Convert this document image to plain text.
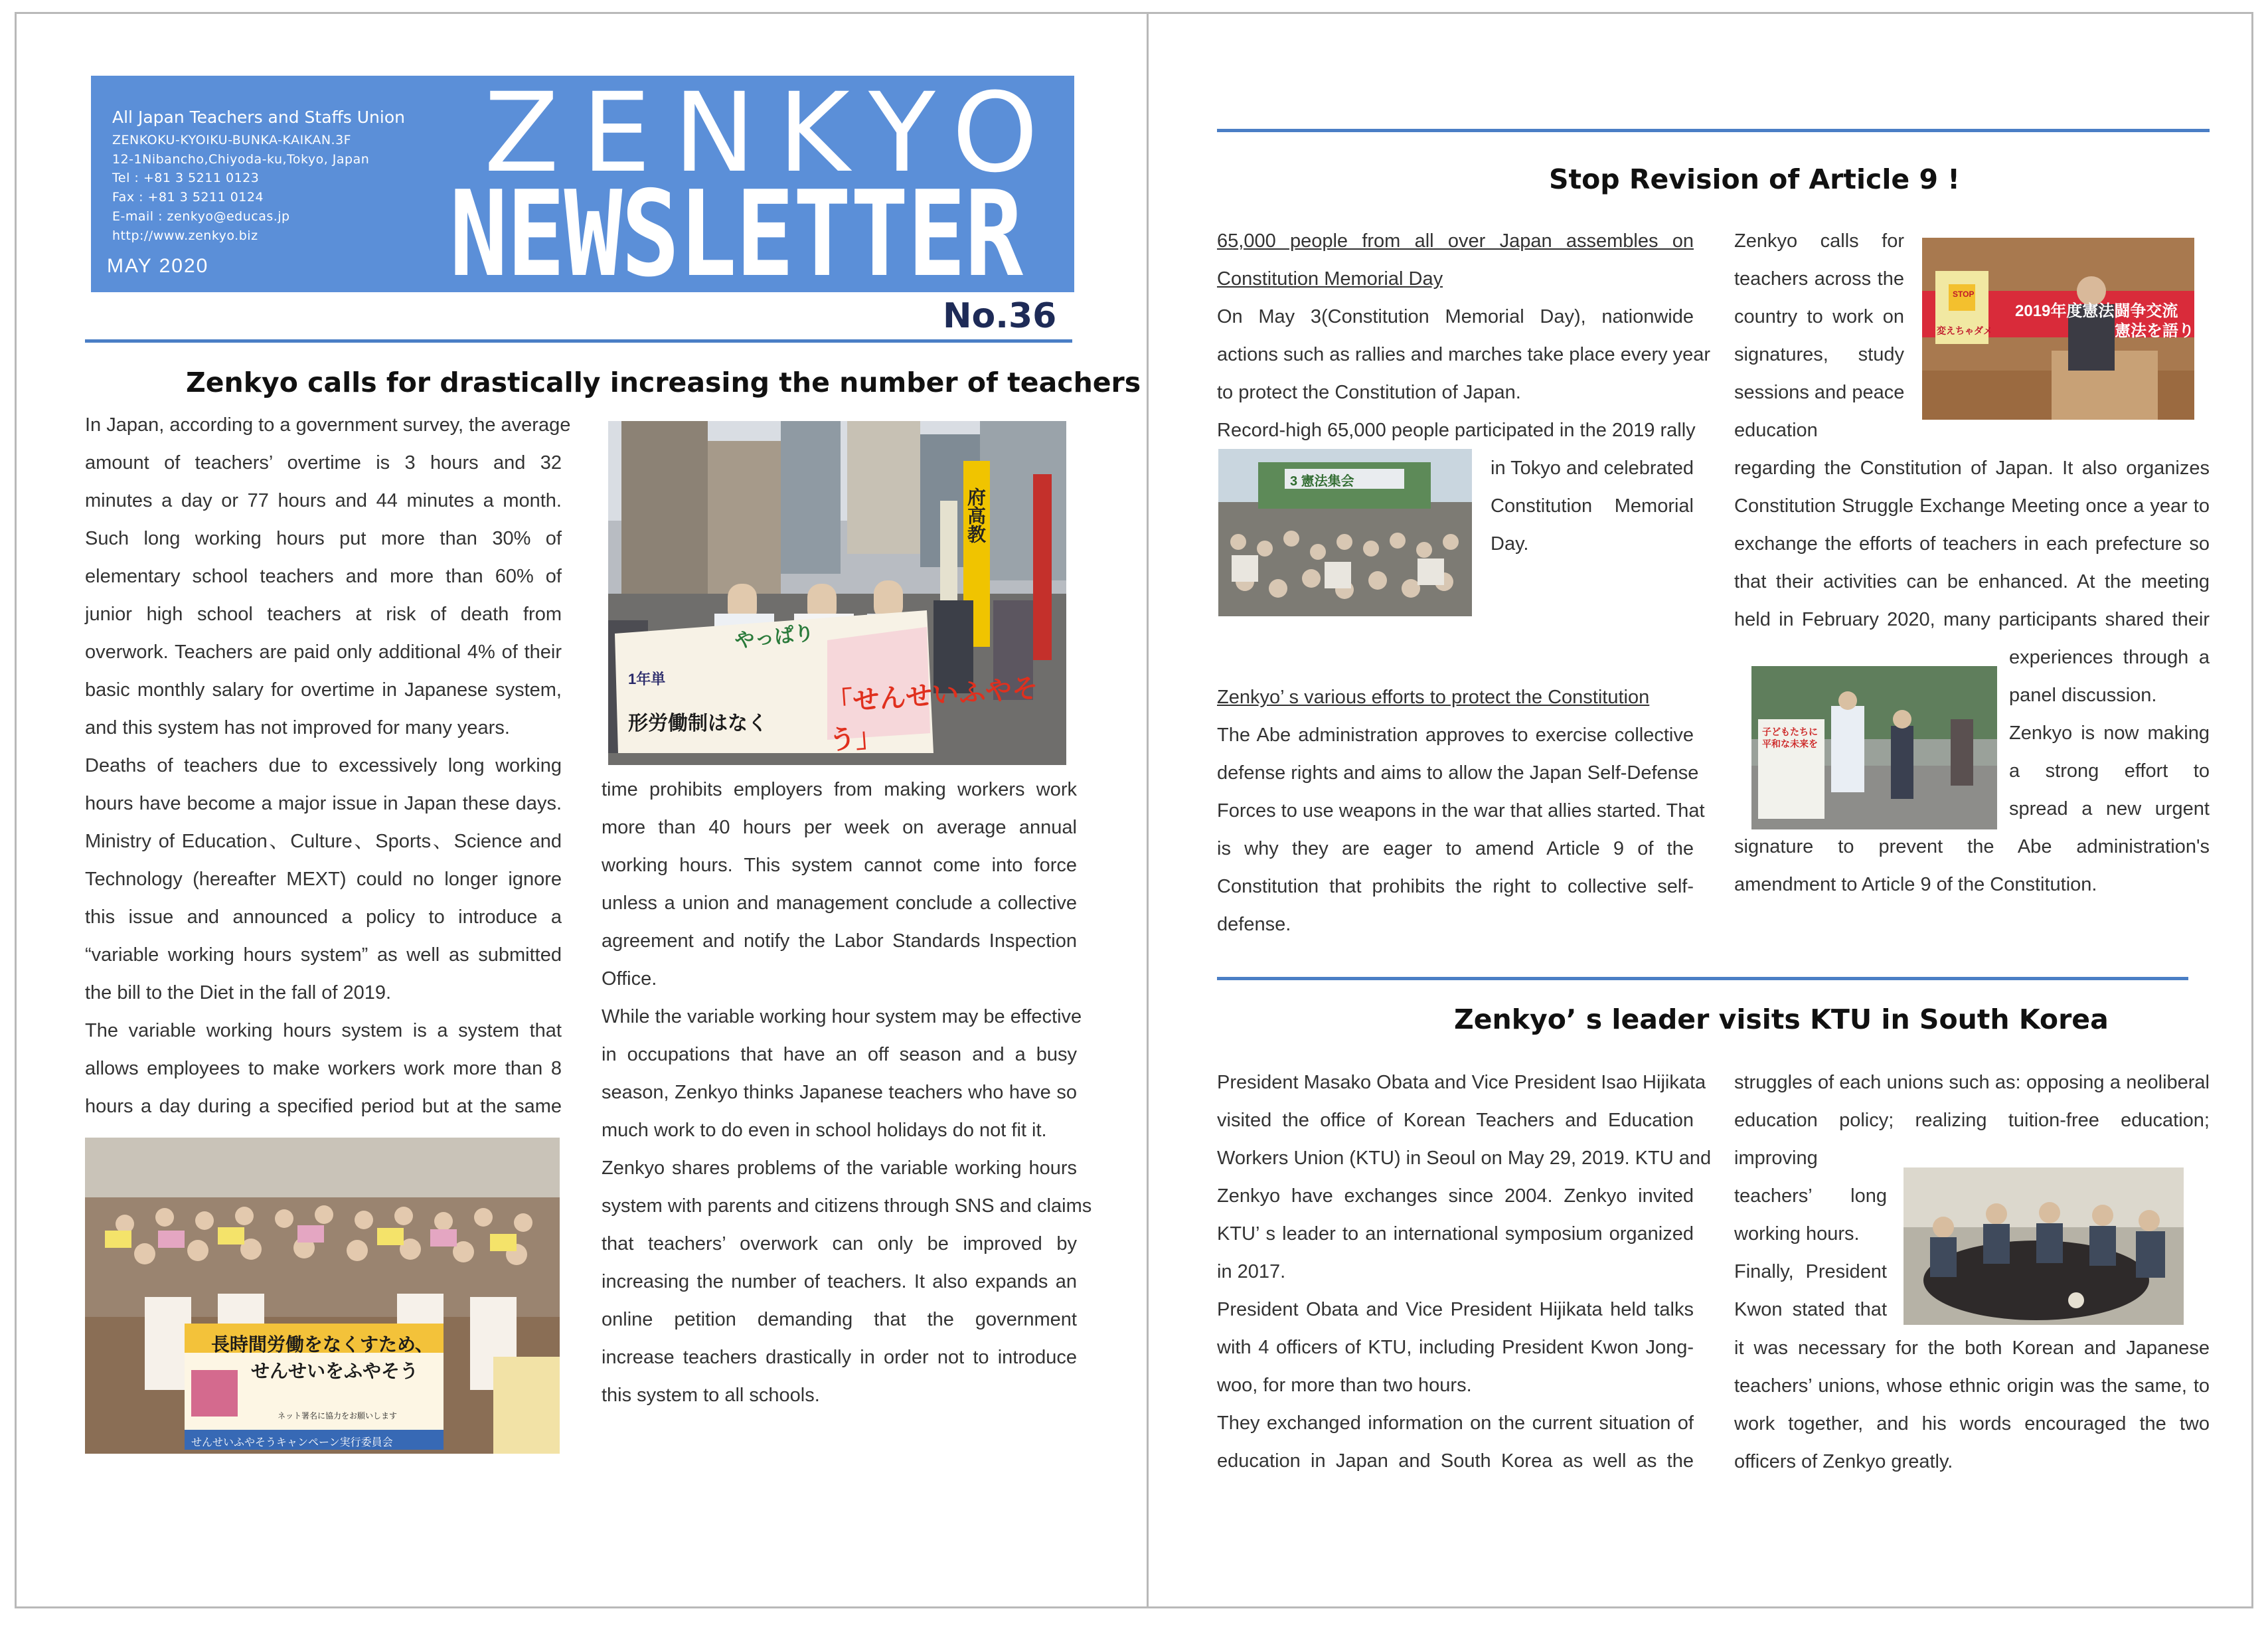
All Japan Teachers and Staffs Union
ZENKOKU-KYOIKU-BUNKA-KAIKAN.3F
12-1Nibancho,Chiyoda-ku,Tokyo, Japan
Tel : +81 3 5211 0123
Fax : +81 3 5211 0124
E-mail : zenkyo@educas.jp
http://www.zenkyo.biz
MAY 2020
ZENKYO
NEWSLETTER
No.36
Zenkyo calls for drastically increasing the number of teachers
In Japan, according to a government survey, the average
amount of teachers’ overtime is 3 hours and 32
minutes a day or 77 hours and 44 minutes a month.
Such long working hours put more than 30% of
elementary school teachers and more than 60% of
junior high school teachers at risk of death from
overwork. Teachers are paid only additional 4% of their
basic monthly salary for overtime in Japanese system,
and this system has not improved for many years.
Deaths of teachers due to excessively long working
hours have become a major issue in Japan these days.
Ministry of Education、Culture、Sports、Science and
Technology (hereafter MEXT) could no longer ignore
this issue and announced a policy to introduce a
“variable working hours system” as well as submitted
the bill to the Diet in the fall of 2019.
The variable working hours system is a system that
allows employees to make workers work more than 8
hours a day during a specified period but at the same
府高教
やっぱり
「せんせいふやそう」
1年単
形労働制はなく
time prohibits employers from making workers work
more than 40 hours per week on average annual
working hours. This system cannot come into force
unless a union and management conclude a collective
agreement and notify the Labor Standards Inspection
Office.
While the variable working hour system may be effective
in occupations that have an off season and a busy
season, Zenkyo thinks Japanese teachers who have so
much work to do even in school holidays do not fit it.
Zenkyo shares problems of the variable working hours
system with parents and citizens through SNS and claims
that teachers’ overwork can only be improved by
increasing the number of teachers. It also expands an
online petition demanding that the government
increase teachers drastically in order not to introduce
this system to all schools.
長時間労働をなくすため、
せんせいをふやそう
ネット署名に協力をお願いします
せんせいふやそうキャンペーン実行委員会
Stop Revision of Article 9 !
65,000 people from all over Japan assembles on
Constitution Memorial Day
On May 3(Constitution Memorial Day), nationwide
actions such as rallies and marches take place every year
to protect the Constitution of Japan.
Record-high 65,000 people participated in the 2019 rally
3 憲法集会
in Tokyo and celebrated
Constitution Memorial
Day.
Zenkyo’ s various efforts to protect the Constitution
The Abe administration approves to exercise collective
defense rights and aims to allow the Japan Self-Defense
Forces to use weapons in the war that allies started. That
is why they are eager to amend Article 9 of the
Constitution that prohibits the right to collective self-
defense.
Zenkyo calls for
teachers across the
country to work on
signatures, study
sessions and peace
education
2019年度憲法闘争交流
憲法を語り、
STOP
変えちゃダメ
regarding the Constitution of Japan. It also organizes
Constitution Struggle Exchange Meeting once a year to
exchange the efforts of teachers in each prefecture so
that their activities can be enhanced. At the meeting
held in February 2020, many participants shared their
子どもたちに平和な未来を
experiences through a
panel discussion.
Zenkyo is now making
a strong effort to
spread a new urgent
signature to prevent the Abe administration's
amendment to Article 9 of the Constitution.
Zenkyo’ s leader visits KTU in South Korea
President Masako Obata and Vice President Isao Hijikata
visited the office of Korean Teachers and Education
Workers Union (KTU) in Seoul on May 29, 2019. KTU and
Zenkyo have exchanges since 2004. Zenkyo invited
KTU’ s leader to an international symposium organized
in 2017.
President Obata and Vice President Hijikata held talks
with 4 officers of KTU, including President Kwon Jong-
woo, for more than two hours.
They exchanged information on the current situation of
education in Japan and South Korea as well as the
struggles of each unions such as: opposing a neoliberal
education policy; realizing tuition-free education;
improving
teachers’ long
working hours.
Finally, President
Kwon stated that
it was necessary for the both Korean and Japanese
teachers’ unions, whose ethnic origin was the same, to
work together, and his words encouraged the two
officers of Zenkyo greatly.
